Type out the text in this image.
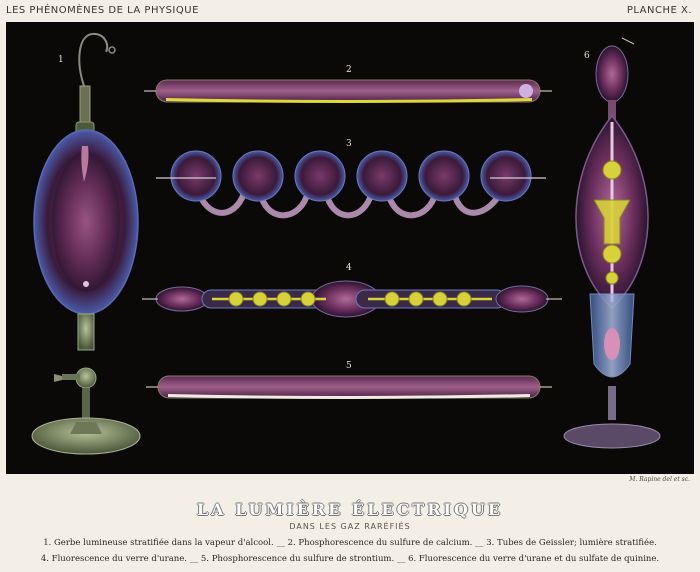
LES PHÉNOMÈNES DE LA PHYSIQUE	PLANCHE X.
1
2
3
4
5
6
M. Rapine del et sc.
LA LUMIÈRE ÉLECTRIQUE
DANS LES GAZ RARÉFIÉS
1. Gerbe lumineuse stratifiée dans la vapeur d'alcool. __ 2. Phosphorescence du sulfure de calcium. __ 3. Tubes de Geissler; lumière stratifiée.
4. Fluorescence du verre d'urane. __ 5. Phosphorescence du sulfure de strontium. __ 6. Fluorescence du verre d'urane et du sulfate de quinine.
